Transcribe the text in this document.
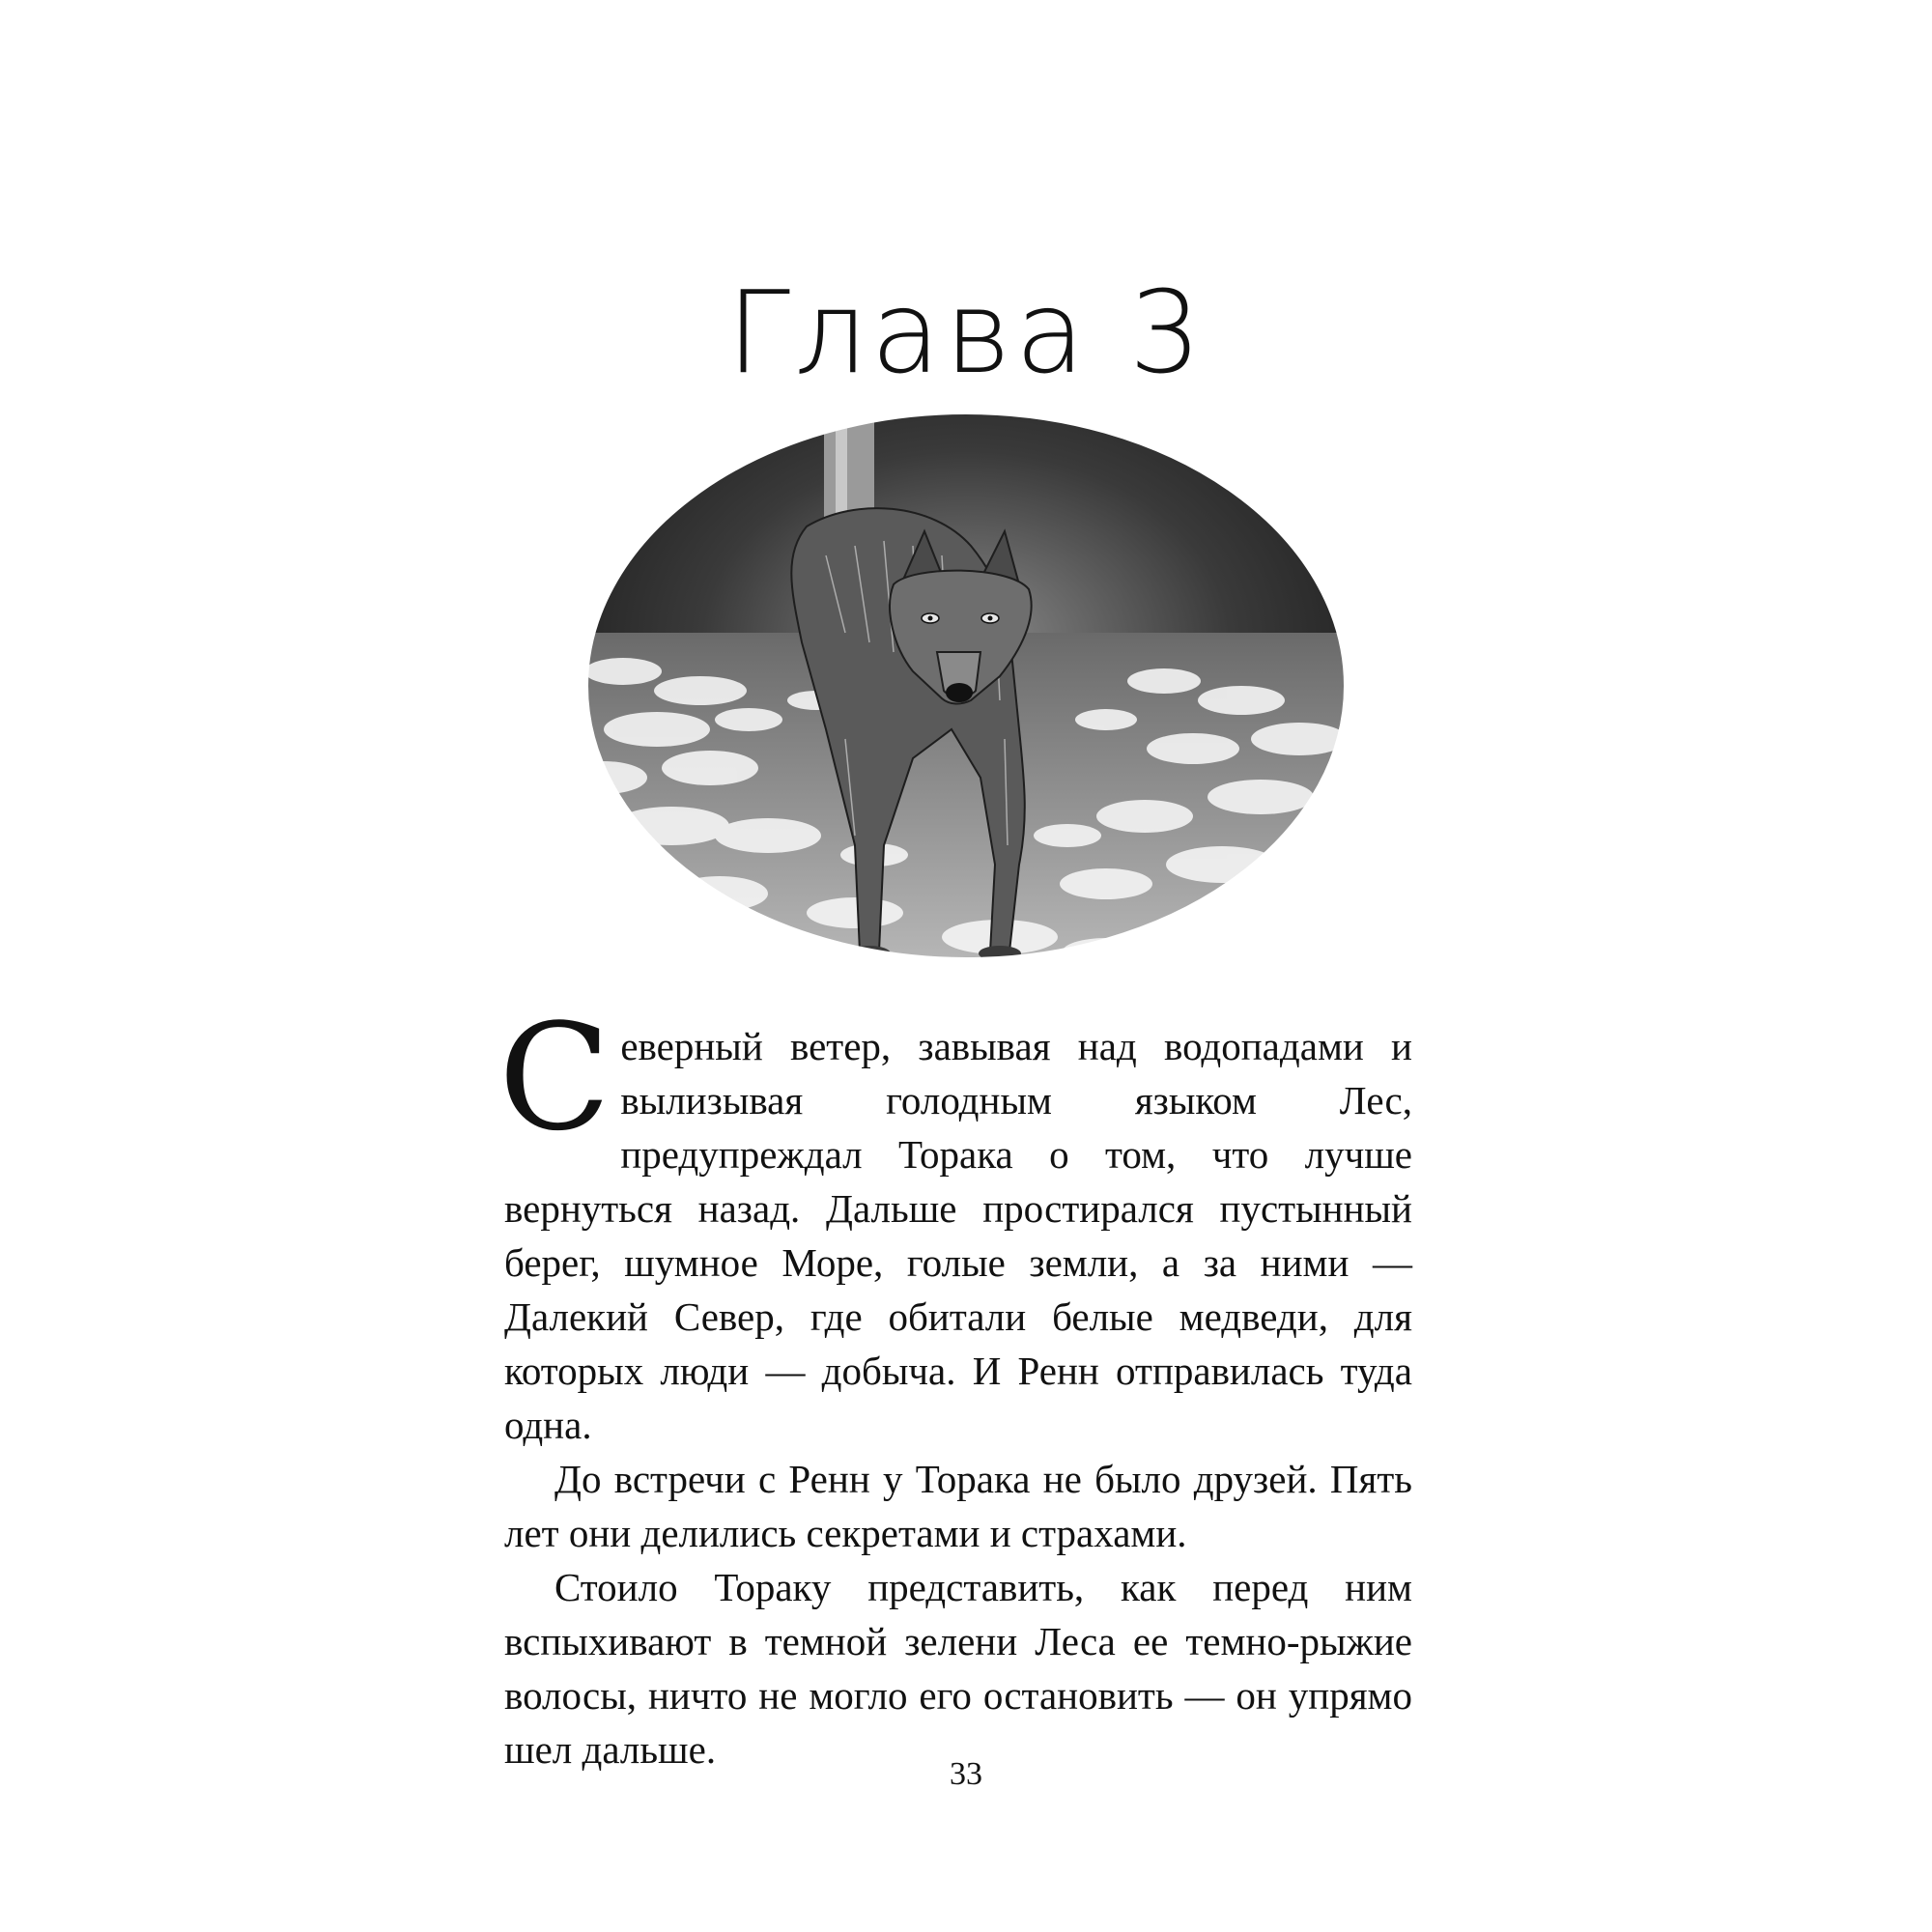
Глава 3

С еверный ветер, завывая над водопадами и вылизывая голодным языком Лес, предупреждал Торака о том, что лучше вернуться назад. Дальше простирался пустынный берег, шумное Море, голые земли, а за ними — Далекий Север, где обитали белые медведи, для которых люди — добыча. И Ренн отправилась туда одна.

До встречи с Ренн у Торака не было друзей. Пять лет они делились секретами и страхами.

Стоило Тораку представить, как перед ним вспыхивают в темной зелени Леса ее темно-рыжие волосы, ничто не могло его остановить — он упрямо шел дальше.

33
